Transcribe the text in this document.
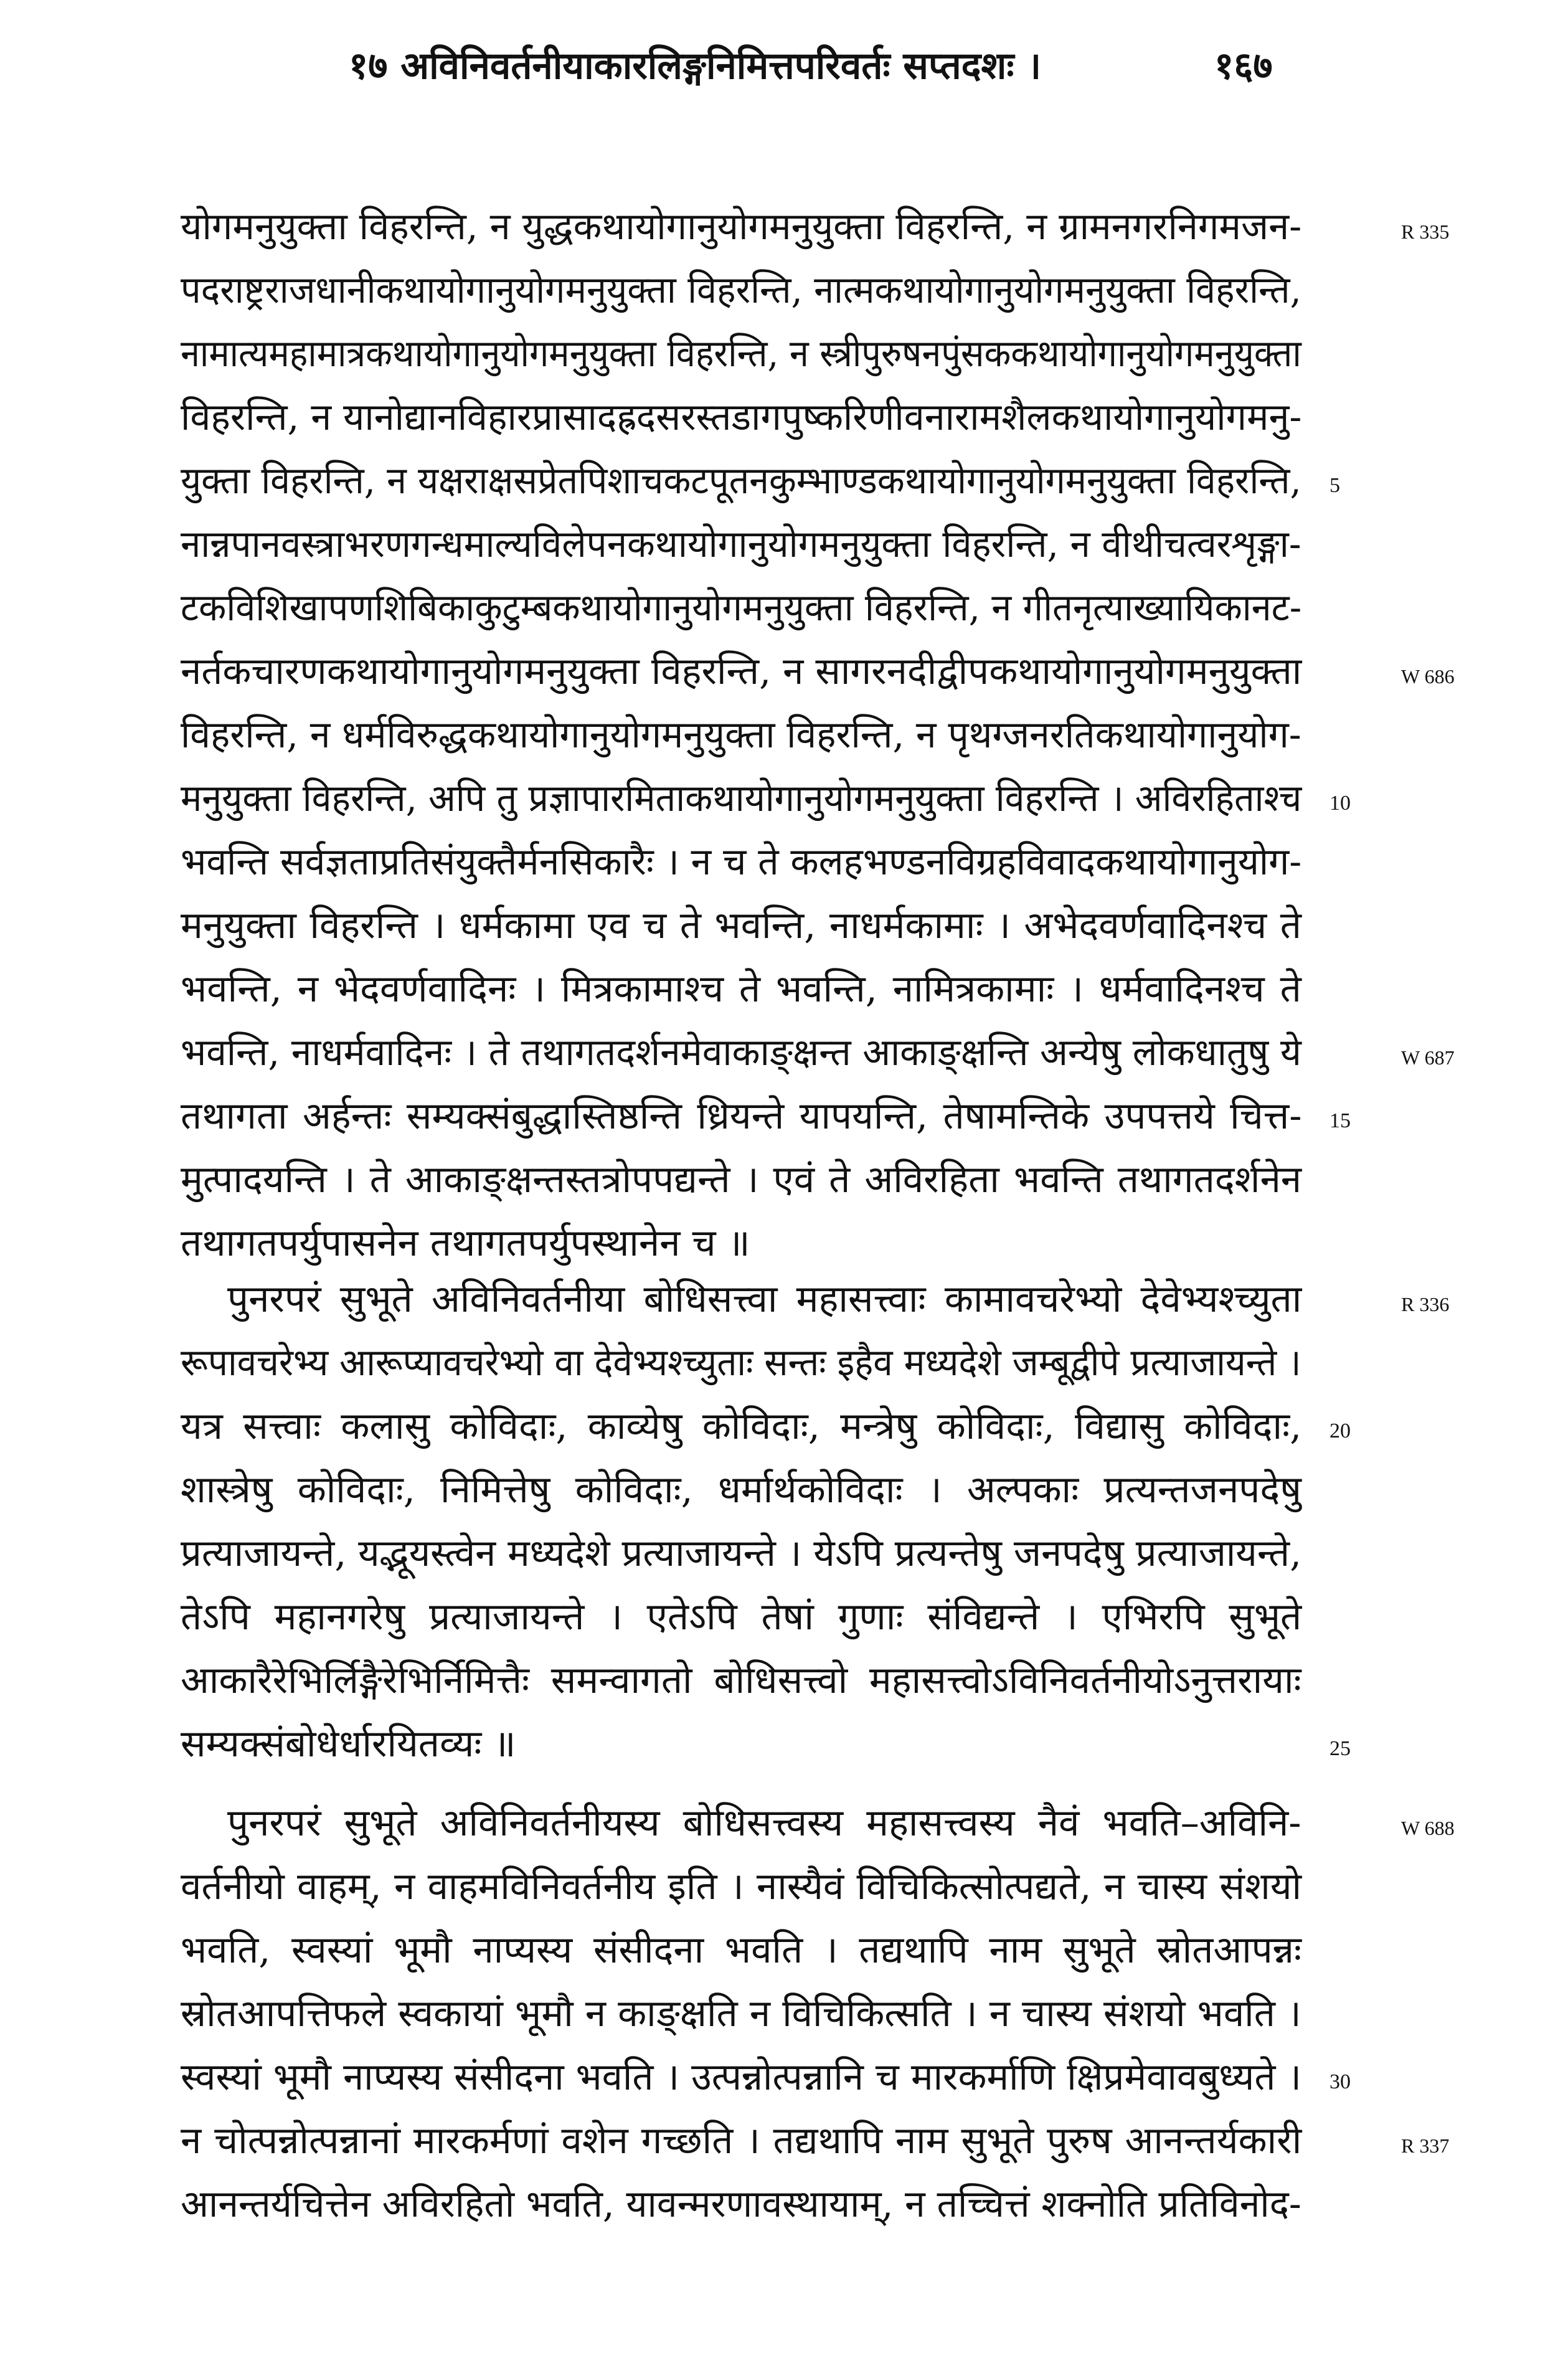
१७ अविनिवर्तनीयाकारलिङ्गनिमित्तपरिवर्तः सप्तदशः ।	१६७
योगमनुयुक्ता विहरन्ति, न युद्धकथायोगानुयोगमनुयुक्ता विहरन्ति, न ग्रामनगरनिगमजन-	R 335
पदराष्ट्रराजधानीकथायोगानुयोगमनुयुक्ता विहरन्ति, नात्मकथायोगानुयोगमनुयुक्ता विहरन्ति,
नामात्यमहामात्रकथायोगानुयोगमनुयुक्ता विहरन्ति, न स्त्रीपुरुषनपुंसककथायोगानुयोगमनुयुक्ता
विहरन्ति, न यानोद्यानविहारप्रासादह्रदसरस्तडागपुष्करिणीवनारामशैलकथायोगानुयोगमनु-
युक्ता विहरन्ति, न यक्षराक्षसप्रेतपिशाचकटपूतनकुम्भाण्डकथायोगानुयोगमनुयुक्ता विहरन्ति, 5
नान्नपानवस्त्राभरणगन्धमाल्यविलेपनकथायोगानुयोगमनुयुक्ता विहरन्ति, न वीथीचत्वरशृङ्गा-
टकविशिखापणशिबिकाकुटुम्बकथायोगानुयोगमनुयुक्ता विहरन्ति, न गीतनृत्याख्यायिकानट-
नर्तकचारणकथायोगानुयोगमनुयुक्ता विहरन्ति, न सागरनदीद्वीपकथायोगानुयोगमनुयुक्ता	W 686
विहरन्ति, न धर्मविरुद्धकथायोगानुयोगमनुयुक्ता विहरन्ति, न पृथग्जनरतिकथायोगानुयोग-
मनुयुक्ता विहरन्ति, अपि तु प्रज्ञापारमिताकथायोगानुयोगमनुयुक्ता विहरन्ति । अविरहिताश्च 10
भवन्ति सर्वज्ञताप्रतिसंयुक्तैर्मनसिकारैः । न च ते कलहभण्डनविग्रहविवादकथायोगानुयोग-
मनुयुक्ता विहरन्ति । धर्मकामा एव च ते भवन्ति, नाधर्मकामाः । अभेदवर्णवादिनश्च ते
भवन्ति, न भेदवर्णवादिनः । मित्रकामाश्च ते भवन्ति, नामित्रकामाः । धर्मवादिनश्च ते
भवन्ति, नाधर्मवादिनः । ते तथागतदर्शनमेवाकाङ्क्षन्त आकाङ्क्षन्ति अन्येषु लोकधातुषु ये	W 687
तथागता अर्हन्तः सम्यक्संबुद्धास्तिष्ठन्ति ध्रियन्ते यापयन्ति, तेषामन्तिके उपपत्तये चित्त- 15
मुत्पादयन्ति । ते आकाङ्क्षन्तस्तत्रोपपद्यन्ते । एवं ते अविरहिता भवन्ति तथागतदर्शनेन
तथागतपर्युपासनेन तथागतपर्युपस्थानेन च ॥
पुनरपरं सुभूते अविनिवर्तनीया बोधिसत्त्वा महासत्त्वाः कामावचरेभ्यो देवेभ्यश्च्युता	R 336
रूपावचरेभ्य आरूप्यावचरेभ्यो वा देवेभ्यश्च्युताः सन्तः इहैव मध्यदेशे जम्बूद्वीपे प्रत्याजायन्ते ।
यत्र सत्त्वाः कलासु कोविदाः, काव्येषु कोविदाः, मन्त्रेषु कोविदाः, विद्यासु कोविदाः, 20
शास्त्रेषु कोविदाः, निमित्तेषु कोविदाः, धर्मार्थकोविदाः । अल्पकाः प्रत्यन्तजनपदेषु
प्रत्याजायन्ते, यद्भूयस्त्वेन मध्यदेशे प्रत्याजायन्ते । येऽपि प्रत्यन्तेषु जनपदेषु प्रत्याजायन्ते,
तेऽपि महानगरेषु प्रत्याजायन्ते । एतेऽपि तेषां गुणाः संविद्यन्ते । एभिरपि सुभूते
आकारैरेभिर्लिङ्गैरेभिर्निमित्तैः समन्वागतो बोधिसत्त्वो महासत्त्वोऽविनिवर्तनीयोऽनुत्तरायाः
सम्यक्संबोधेर्धारयितव्यः ॥	25
पुनरपरं सुभूते अविनिवर्तनीयस्य बोधिसत्त्वस्य महासत्त्वस्य नैवं भवति–अविनि-	W 688
वर्तनीयो वाहम्, न वाहमविनिवर्तनीय इति । नास्यैवं विचिकित्सोत्पद्यते, न चास्य संशयो
भवति, स्वस्यां भूमौ नाप्यस्य संसीदना भवति । तद्यथापि नाम सुभूते स्रोतआपन्नः
स्रोतआपत्तिफले स्वकायां भूमौ न काङ्क्षति न विचिकित्सति । न चास्य संशयो भवति ।
स्वस्यां भूमौ नाप्यस्य संसीदना भवति । उत्पन्नोत्पन्नानि च मारकर्माणि क्षिप्रमेवावबुध्यते । 30
न चोत्पन्नोत्पन्नानां मारकर्मणां वशेन गच्छति । तद्यथापि नाम सुभूते पुरुष आनन्तर्यकारी	R 337
आनन्तर्यचित्तेन अविरहितो भवति, यावन्मरणावस्थायाम्, न तच्चित्तं शक्नोति प्रतिविनोद-
